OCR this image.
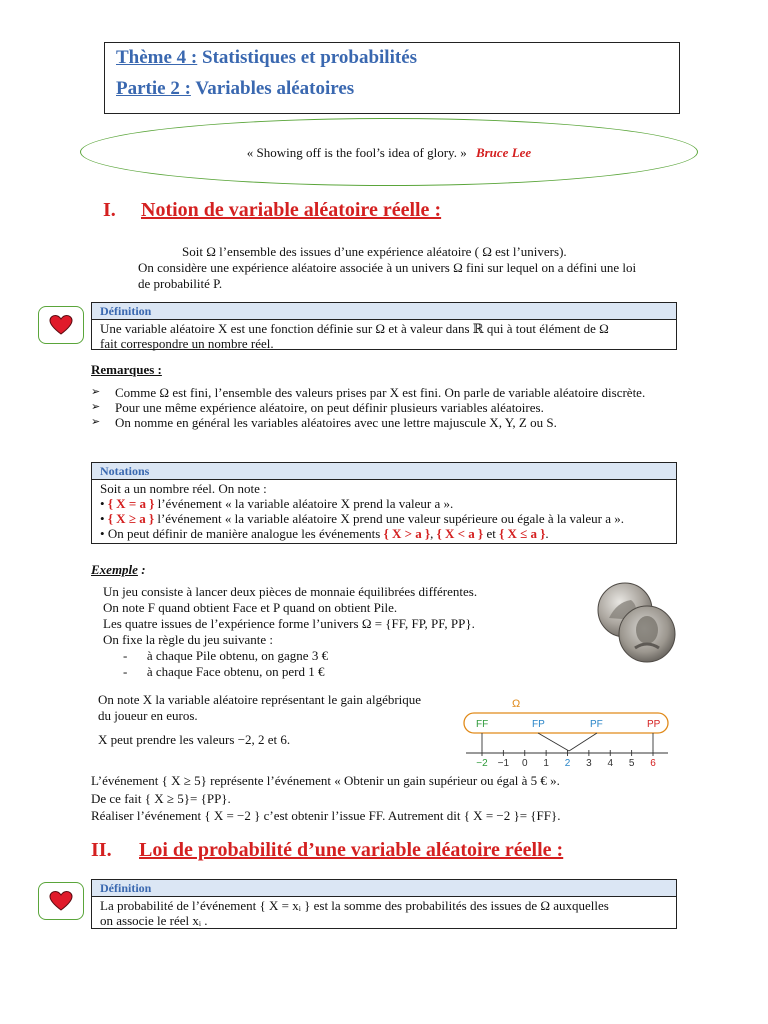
Thème 4 : Statistiques et probabilités
Partie 2 : Variables aléatoires
« Showing off is the fool’s idea of glory. » Bruce Lee
I. Notion de variable aléatoire réelle :
Soit Ω l’ensemble des issues d’une expérience aléatoire ( Ω est l’univers).
On considère une expérience aléatoire associée à un univers Ω fini sur lequel on a défini une loi
de probabilité P.
Définition
Une variable aléatoire X est une fonction définie sur Ω et à valeur dans ℝ qui à tout élément de Ω
fait correspondre un nombre réel.
Remarques :
➢ Comme Ω est fini, l’ensemble des valeurs prises par X est fini. On parle de variable aléatoire discrète.
➢ Pour une même expérience aléatoire, on peut définir plusieurs variables aléatoires.
➢ On nomme en général les variables aléatoires avec une lettre majuscule X, Y, Z ou S.
Notations
Soit a un nombre réel. On note :
• { X = a } l’événement « la variable aléatoire X prend la valeur a ».
• { X ≥ a } l’événement « la variable aléatoire X prend une valeur supérieure ou égale à la valeur a ».
• On peut définir de manière analogue les événements { X > a }, { X < a } et { X ≤ a }.
Exemple :
Un jeu consiste à lancer deux pièces de monnaie équilibrées différentes.
On note F quand obtient Face et P quand on obtient Pile.
Les quatre issues de l’expérience forme l’univers Ω = {FF, FP, PF, PP}.
On fixe la règle du jeu suivante :
-      à chaque Pile obtenu, on gagne 3 €
-      à chaque Face obtenu, on perd 1 €
On note X la variable aléatoire représentant le gain algébrique
du joueur en euros.
X peut prendre les valeurs −2, 2 et 6.
Ω
FF	FP	PF	PP
−2 −1 0 1 2 3 4 5 6
L’événement { X ≥ 5} représente l’événement « Obtenir un gain supérieur ou égal à 5 € ».
De ce fait { X ≥ 5}= {PP}.
Réaliser l’événement { X = −2 } c’est obtenir l’issue FF. Autrement dit { X = −2 }= {FF}.
II. Loi de probabilité d’une variable aléatoire réelle :
Définition
La probabilité de l’événement { X = xᵢ } est la somme des probabilités des issues de Ω auxquelles
on associe le réel xᵢ .
